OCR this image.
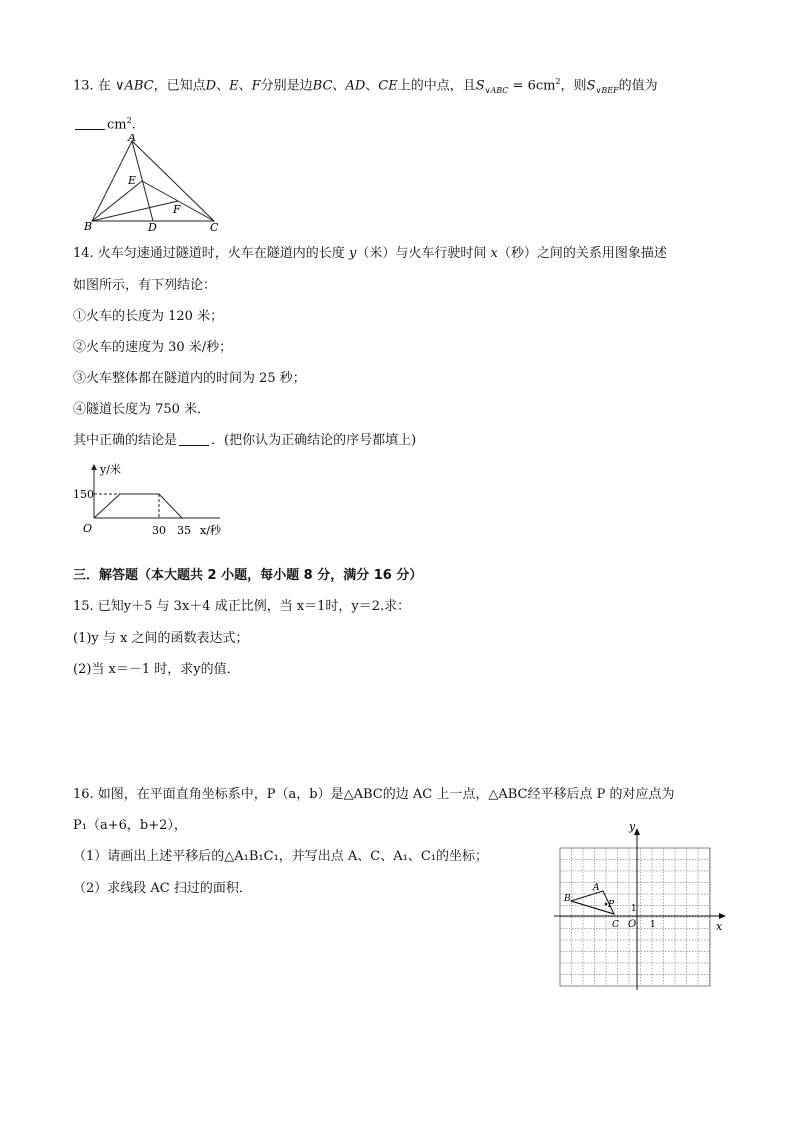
13. 在 ∨ABC，已知点D、E、F分别是边BC、AD、CE上的中点，且$S_{\vee ABC} = 6cm^2$，则$S_{\vee BEF}$的值为
$cm^2$.
A
B	C
D
E
F
14. 火车匀速通过隧道时，火车在隧道内的长度 y（米）与火车行驶时间 x（秒）之间的关系用图象描述
如图所示，有下列结论：
①火车的长度为 120 米；
②火车的速度为 30 米/秒；
③火车整体都在隧道内的时间为 25 秒；
④隧道长度为 750 米．
其中正确的结论是	．(把你认为正确结论的序号都填上)
y/米
150
O	30 35 x/秒
三．解答题（本大题共 2 小题，每小题 8 分，满分 16 分）
15. 已知y＋5 与 3x＋4 成正比例，当 x＝1时，y＝2.求：
(1)y 与 x 之间的函数表达式；
(2)当 x＝－1 时，求y的值．
16. 如图，在平面直角坐标系中，P（a，b）是△ABC的边 AC 上一点，△ABC经平移后点 P 的对应点为
P₁（a+6，b+2），
（1）请画出上述平移后的△A₁B₁C₁，并写出点 A、C、A₁、C₁的坐标；
（2）求线段 AC 扫过的面积．
y
x
O 1
1
B
A
P
C
